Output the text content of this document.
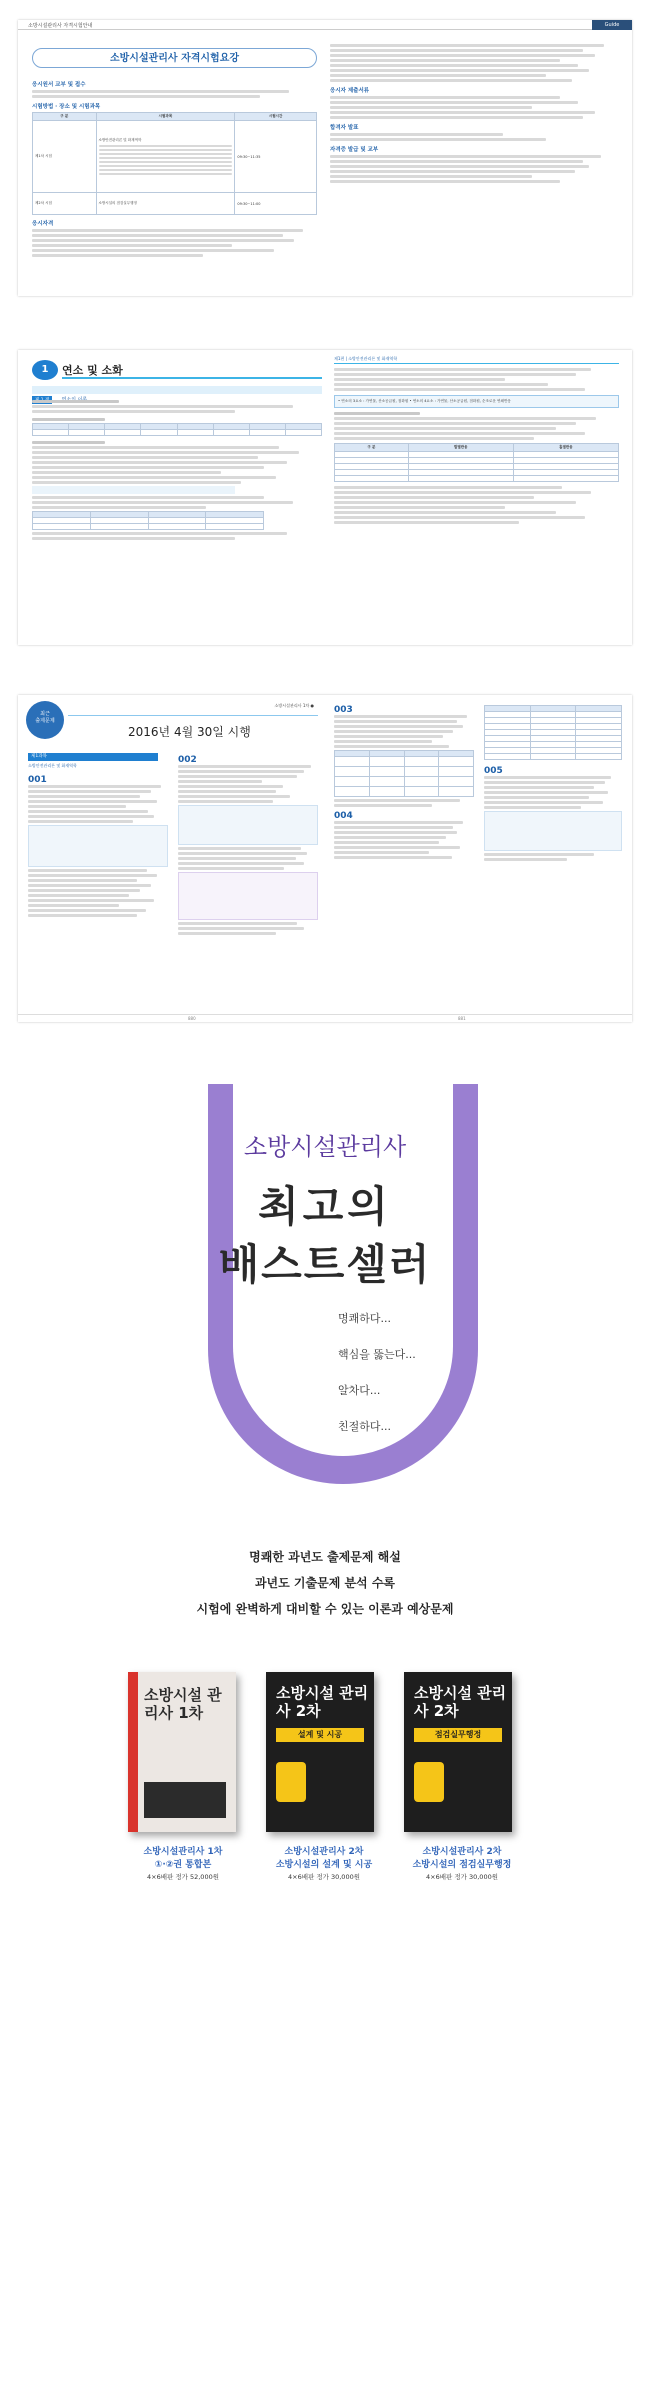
소방시설관리사 자격시험안내	Guide
소방시설관리사 자격시험요강
응시원서 교부 및 접수
시험방법 · 장소 및 시험과목
구 분	시험과목	시험시간
제1차 시험	소방안전관리론 및 화재역학	09:30~11:35
제2차 시험	소방시설의 점검실무행정	09:30~11:00
응시자격
응시자 제출서류
합격자 발표
자격증 발급 및 교부
1	연소 및 소화

제1편 | 소방안전관리론 및 화재역학
• 연소의 3요소 : 가연물, 산소공급원, 점화원 • 연소의 4요소 : 가연물, 산소공급원, 점화원, 순조로운 연쇄반응
구 분	발열반응	흡열반응

최근
출제문제
2016년 4월 30일 시행
소방시설관리사 1차 ●
제1과목
소방안전관리론 및 화재역학
001
002
003

004

005
880	881
소방시설관리사
최고의
배스트셀러
명쾌하다...
핵심을 뚫는다...
알차다...
친절하다...
명쾌한 과년도 출제문제 해설
과년도 기출문제 분석 수록
시험에 완벽하게 대비할 수 있는 이론과 예상문제
소방시설 관리사 1차
소방시설 관리사 2차
설계 및 시공
소방시설 관리사 2차
점검실무행정
소방시설관리사 1차
①·②권 통합본
4×6배판 정가 52,000원
소방시설관리사 2차
소방시설의 설계 및 시공
4×6배판 정가 30,000원
소방시설관리사 2차
소방시설의 점검실무행정
4×6배판 정가 30,000원
